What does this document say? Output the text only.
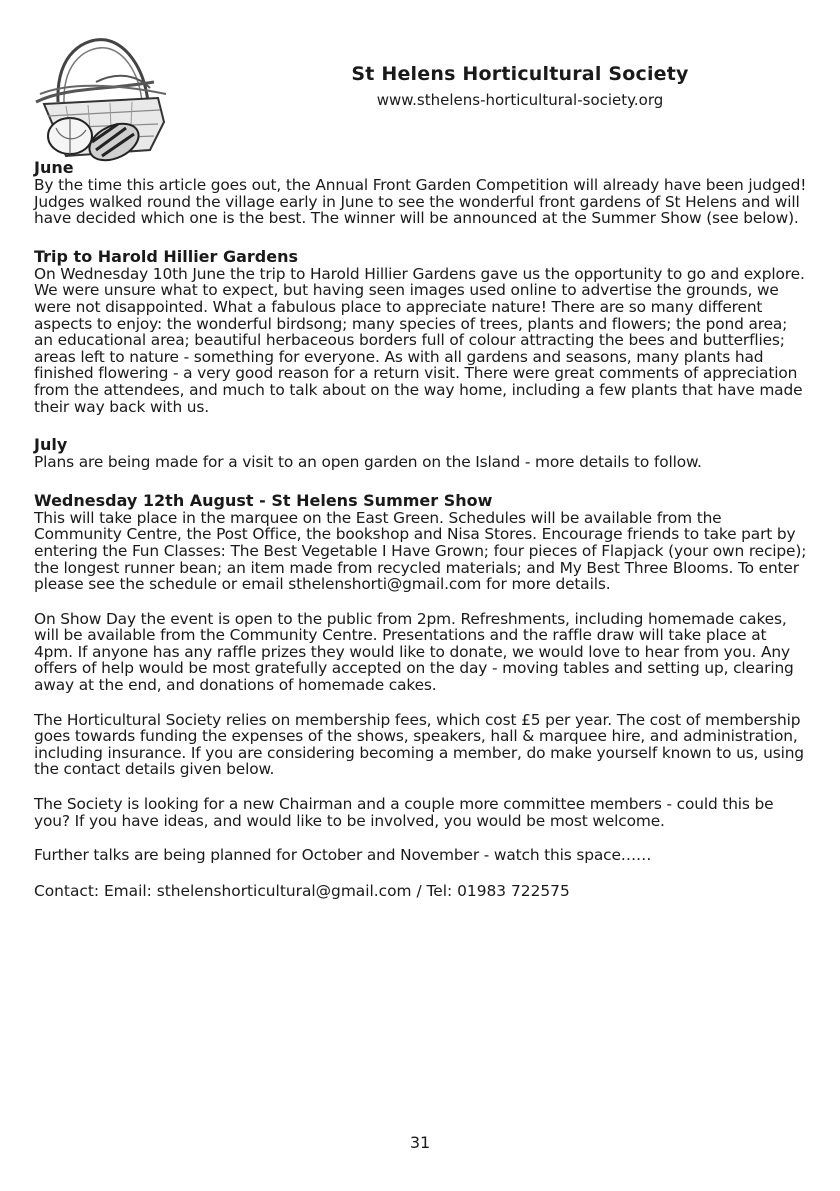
St Helens Horticultural Society

www.sthelens-horticultural-society.org

June

By the time this article goes out, the Annual Front Garden Competition will already have been judged! Judges walked round the village early in June to see the wonderful front gardens of St Helens and will have decided which one is the best. The winner will be announced at the Summer Show (see below).

Trip to Harold Hillier Gardens

On Wednesday 10th June the trip to Harold Hillier Gardens gave us the opportunity to go and explore. We were unsure what to expect, but having seen images used online to advertise the grounds, we were not disappointed. What a fabulous place to appreciate nature! There are so many different aspects to enjoy: the wonderful birdsong; many species of trees, plants and flowers; the pond area; an educational area; beautiful herbaceous borders full of colour attracting the bees and butterflies; areas left to nature - something for everyone. As with all gardens and seasons, many plants had finished flowering - a very good reason for a return visit. There were great comments of appreciation from the attendees, and much to talk about on the way home, including a few plants that have made their way back with us.

July

Plans are being made for a visit to an open garden on the Island - more details to follow.

Wednesday 12th August - St Helens Summer Show

This will take place in the marquee on the East Green. Schedules will be available from the Community Centre, the Post Office, the bookshop and Nisa Stores. Encourage friends to take part by entering the Fun Classes: The Best Vegetable I Have Grown; four pieces of Flapjack (your own recipe); the longest runner bean; an item made from recycled materials; and My Best Three Blooms. To enter please see the schedule or email sthelenshorti@gmail.com for more details.

On Show Day the event is open to the public from 2pm. Refreshments, including homemade cakes, will be available from the Community Centre. Presentations and the raffle draw will take place at 4pm. If anyone has any raffle prizes they would like to donate, we would love to hear from you. Any offers of help would be most gratefully accepted on the day - moving tables and setting up, clearing away at the end, and donations of homemade cakes.

The Horticultural Society relies on membership fees, which cost £5 per year. The cost of membership goes towards funding the expenses of the shows, speakers, hall & marquee hire, and administration, including insurance. If you are considering becoming a member, do make yourself known to us, using the contact details given below.

The Society is looking for a new Chairman and a couple more committee members - could this be you? If you have ideas, and would like to be involved, you would be most welcome.

Further talks are being planned for October and November - watch this space……

Contact: Email: sthelenshorticultural@gmail.com / Tel: 01983 722575

31
